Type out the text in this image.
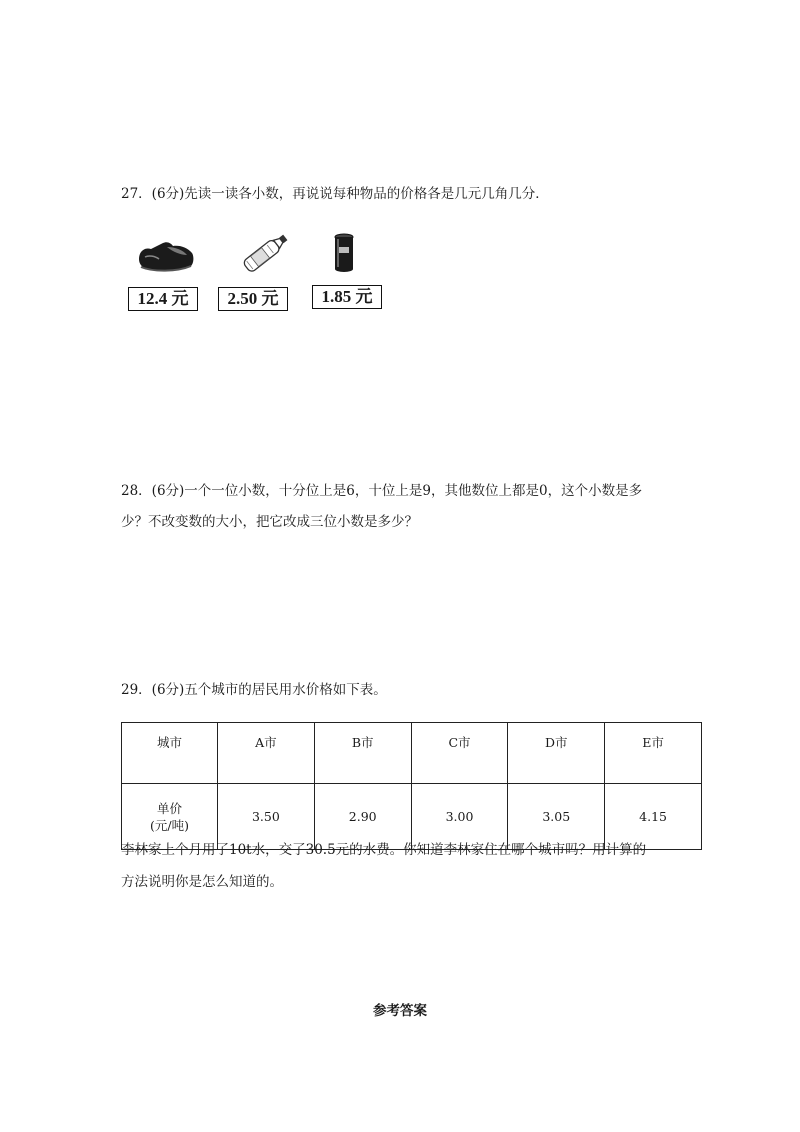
27．(6分)先读一读各小数，再说说每种物品的价格各是几元几角几分．
12.4 元	2.50 元	1.85 元
28．(6分)一个一位小数，十分位上是6，十位上是9，其他数位上都是0，这个小数是多
少？不改变数的大小，把它改成三位小数是多少？
29．(6分)五个城市的居民用水价格如下表。
城市	A市	B市	C市	D市	E市

单价
(元/吨)	3.50	2.90	3.00	3.05	4.15
李林家上个月用了10t水，交了30.5元的水费。你知道李林家住在哪个城市吗？用计算的
方法说明你是怎么知道的。
参考答案
